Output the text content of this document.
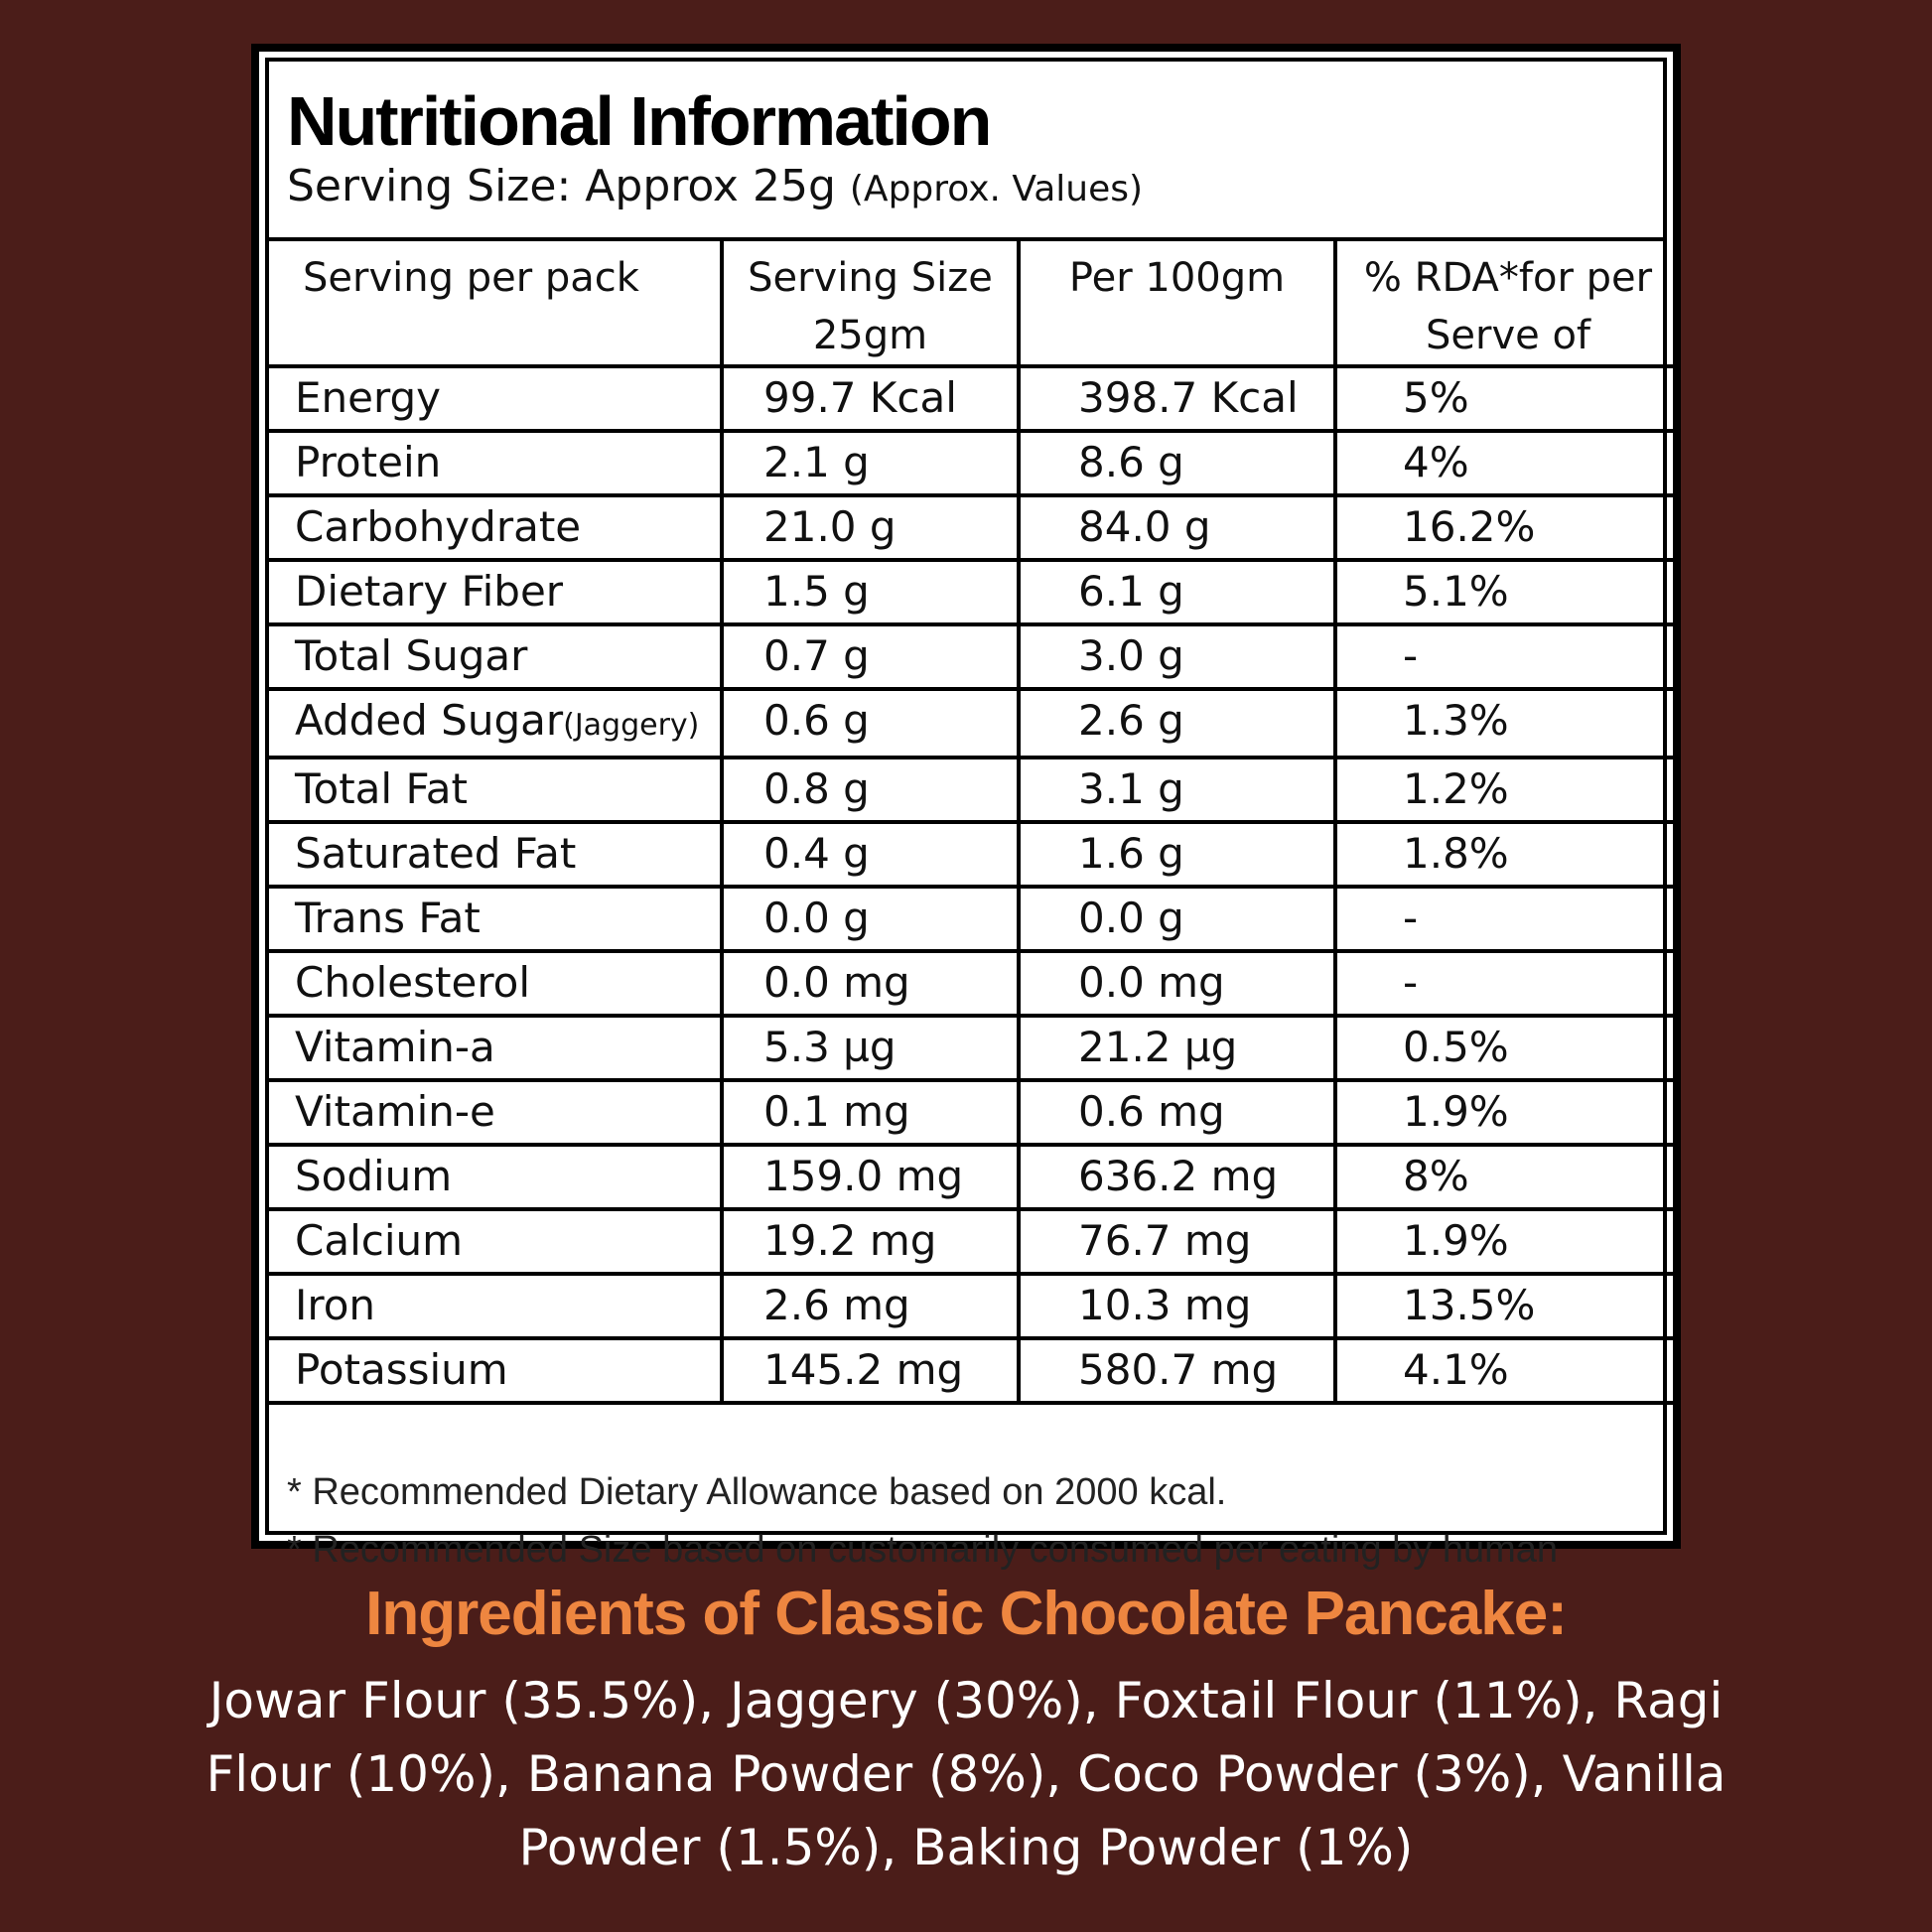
Nutritional Information
Serving Size: Approx 25g (Approx. Values)
Serving per pack	Serving Size 25gm	Per 100gm	% RDA*for per Serve of
Energy	99.7 Kcal	398.7 Kcal	5%
Protein	2.1 g	8.6 g	4%
Carbohydrate	21.0 g	84.0 g	16.2%
Dietary Fiber	1.5 g	6.1 g	5.1%
Total Sugar	0.7 g	3.0 g	-
Added Sugar(Jaggery)	0.6 g	2.6 g	1.3%
Total Fat	0.8 g	3.1 g	1.2%
Saturated Fat	0.4 g	1.6 g	1.8%
Trans Fat	0.0 g	0.0 g	-
Cholesterol	0.0 mg	0.0 mg	-
Vitamin-a	5.3 µg	21.2 µg	0.5%
Vitamin-e	0.1 mg	0.6 mg	1.9%
Sodium	159.0 mg	636.2 mg	8%
Calcium	19.2 mg	76.7 mg	1.9%
Iron	2.6 mg	10.3 mg	13.5%
Potassium	145.2 mg	580.7 mg	4.1%
* Recommended Dietary Allowance based on 2000 kcal.
* Recommended Size based on customarily consumed per eating by human
Ingredients of Classic Chocolate Pancake:
Jowar Flour (35.5%), Jaggery (30%), Foxtail Flour (11%), Ragi Flour (10%), Banana Powder (8%), Coco Powder (3%), Vanilla Powder (1.5%), Baking Powder (1%)
